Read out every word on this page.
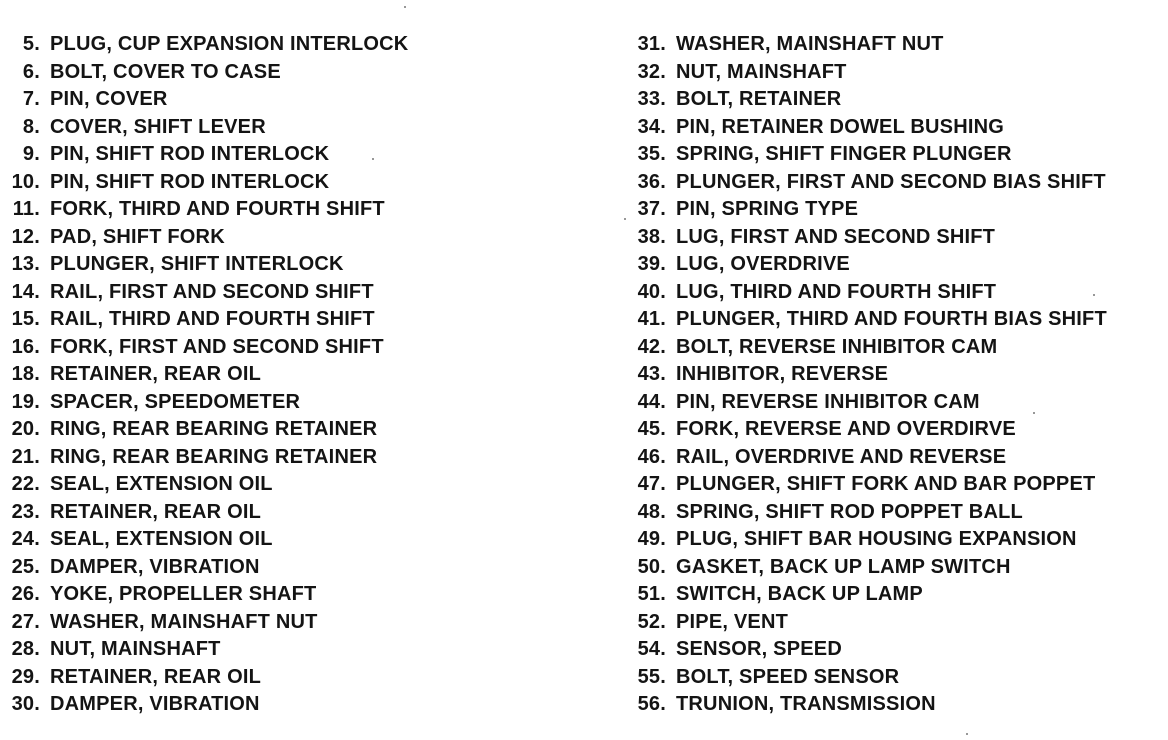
5. PLUG, CUP EXPANSION INTERLOCK
6. BOLT, COVER TO CASE
7. PIN, COVER
8. COVER, SHIFT LEVER
9. PIN, SHIFT ROD INTERLOCK
10. PIN, SHIFT ROD INTERLOCK
11. FORK, THIRD AND FOURTH SHIFT
12. PAD, SHIFT FORK
13. PLUNGER, SHIFT INTERLOCK
14. RAIL, FIRST AND SECOND SHIFT
15. RAIL, THIRD AND FOURTH SHIFT
16. FORK, FIRST AND SECOND SHIFT
18. RETAINER, REAR OIL
19. SPACER, SPEEDOMETER
20. RING, REAR BEARING RETAINER
21. RING, REAR BEARING RETAINER
22. SEAL, EXTENSION OIL
23. RETAINER, REAR OIL
24. SEAL, EXTENSION OIL
25. DAMPER, VIBRATION
26. YOKE, PROPELLER SHAFT
27. WASHER, MAINSHAFT NUT
28. NUT, MAINSHAFT
29. RETAINER, REAR OIL
30. DAMPER, VIBRATION
31. WASHER, MAINSHAFT NUT
32. NUT, MAINSHAFT
33. BOLT, RETAINER
34. PIN, RETAINER DOWEL BUSHING
35. SPRING, SHIFT FINGER PLUNGER
36. PLUNGER, FIRST AND SECOND BIAS SHIFT
37. PIN, SPRING TYPE
38. LUG, FIRST AND SECOND SHIFT
39. LUG, OVERDRIVE
40. LUG, THIRD AND FOURTH SHIFT
41. PLUNGER, THIRD AND FOURTH BIAS SHIFT
42. BOLT, REVERSE INHIBITOR CAM
43. INHIBITOR, REVERSE
44. PIN, REVERSE INHIBITOR CAM
45. FORK, REVERSE AND OVERDIRVE
46. RAIL, OVERDRIVE AND REVERSE
47. PLUNGER, SHIFT FORK AND BAR POPPET
48. SPRING, SHIFT ROD POPPET BALL
49. PLUG, SHIFT BAR HOUSING EXPANSION
50. GASKET, BACK UP LAMP SWITCH
51. SWITCH, BACK UP LAMP
52. PIPE, VENT
54. SENSOR, SPEED
55. BOLT, SPEED SENSOR
56. TRUNION, TRANSMISSION
